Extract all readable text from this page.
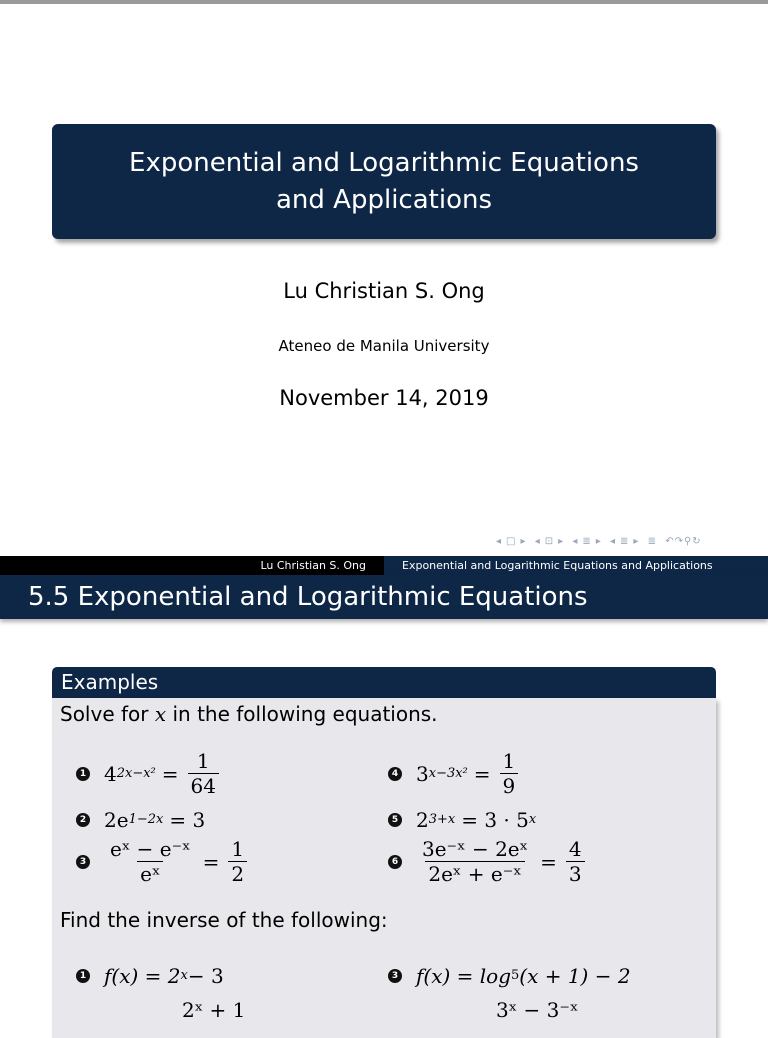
Exponential and Logarithmic Equations
and Applications
Lu Christian S. Ong
Ateneo de Manila University
November 14, 2019
◂ □ ▸ ◂ ⊡ ▸ ◂ ≣ ▸ ◂ ≣ ▸ ≣ ↶↷⚲↻
Lu Christian S. Ong	Exponential and Logarithmic Equations and Applications
5.5 Exponential and Logarithmic Equations
Examples
Solve for x in the following equations.
1 4 $2x-x^2 = \frac{1}{64}$
2 2e 1−2x = 3
$3 \frac{\text{eˣ − e⁻ˣ}}{\text{eˣ}} = \frac{1}{2}$
4 3 $x-3x^2 = \frac{1}{9}$
5 2 3+x = 3 · 5 x
$6 \frac{\text{3e⁻ˣ − 2eˣ}}{\text{2eˣ + e⁻ˣ}} = \frac{4}{3}$
Find the inverse of the following:
1 f(x) = 2 x − 3	3 f(x) = log 5 (x + 1) − 2
2ˣ + 1	3ˣ − 3⁻ˣ
